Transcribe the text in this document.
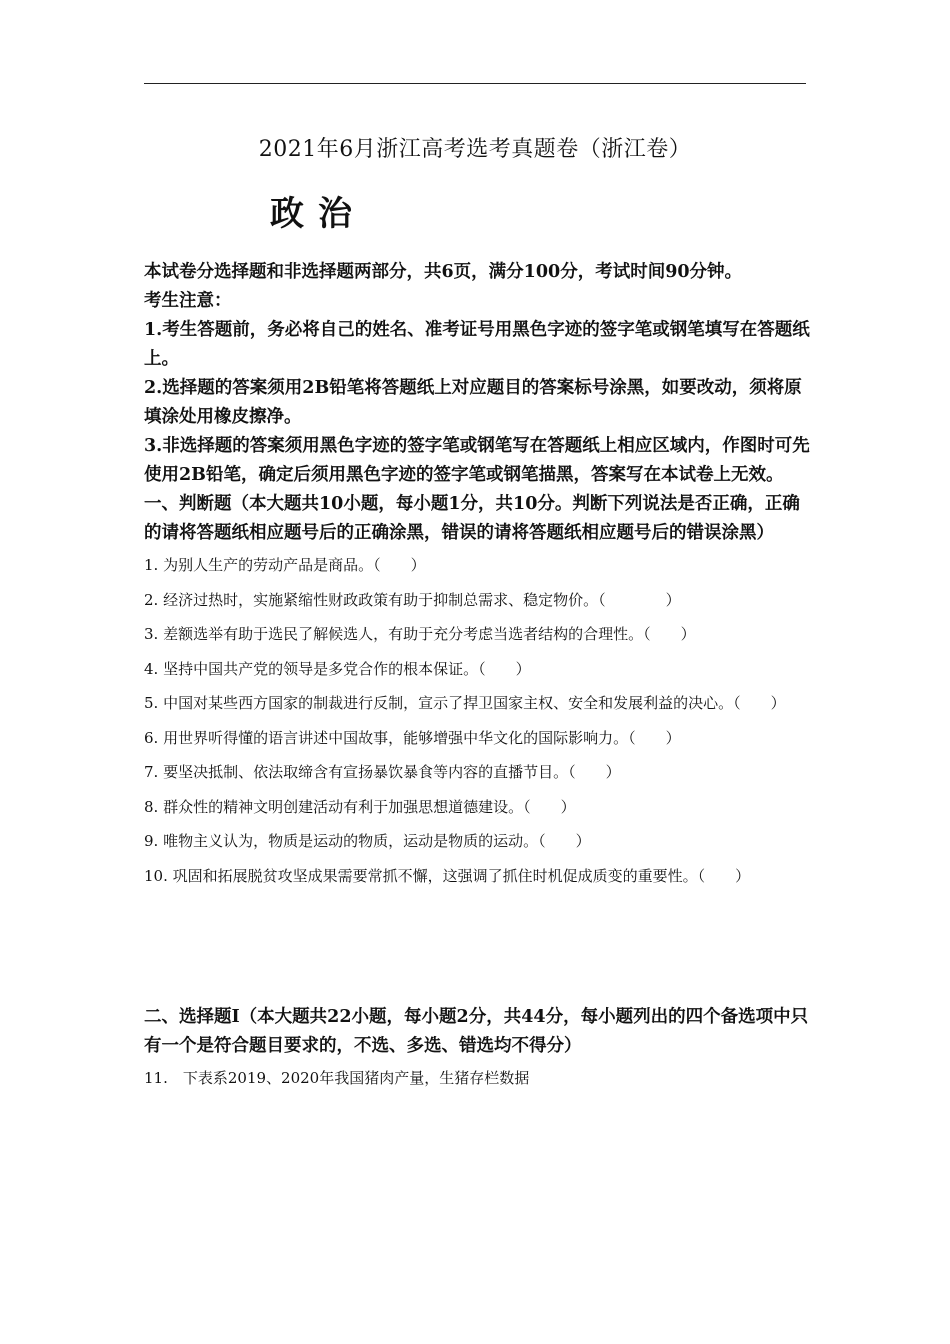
2021年6月浙江高考选考真题卷（浙江卷）
政治
本试卷分选择题和非选择题两部分，共6页，满分100分，考试时间90分钟。
考生注意：
1.考生答题前，务必将自己的姓名、准考证号用黑色字迹的签字笔或钢笔填写在答题纸上。
2.选择题的答案须用2B铅笔将答题纸上对应题目的答案标号涂黑，如要改动，须将原填涂处用橡皮擦净。
3.非选择题的答案须用黑色字迹的签字笔或钢笔写在答题纸上相应区域内，作图时可先使用2B铅笔，确定后须用黑色字迹的签字笔或钢笔描黑，答案写在本试卷上无效。
一、判断题（本大题共10小题，每小题1分，共10分。判断下列说法是否正确，正确的请将答题纸相应题号后的正确涂黑，错误的请将答题纸相应题号后的错误涂黑）
1. 为别人生产的劳动产品是商品。（　　）
2. 经济过热时，实施紧缩性财政政策有助于抑制总需求、稳定物价。（　　　　）
3. 差额选举有助于选民了解候选人，有助于充分考虑当选者结构的合理性。（　　）
4. 坚持中国共产党的领导是多党合作的根本保证。（　　）
5. 中国对某些西方国家的制裁进行反制，宣示了捍卫国家主权、安全和发展利益的决心。（　　）
6. 用世界听得懂的语言讲述中国故事，能够增强中华文化的国际影响力。（　　）
7. 要坚决抵制、依法取缔含有宣扬暴饮暴食等内容的直播节目。（　　）
8. 群众性的精神文明创建活动有利于加强思想道德建设。（　　）
9. 唯物主义认为，物质是运动的物质，运动是物质的运动。（　　）
10. 巩固和拓展脱贫攻坚成果需要常抓不懈，这强调了抓住时机促成质变的重要性。（　　）
二、选择题Ⅰ（本大题共22小题，每小题2分，共44分，每小题列出的四个备选项中只有一个是符合题目要求的，不选、多选、错选均不得分）
11.　下表系2019、2020年我国猪肉产量，生猪存栏数据
